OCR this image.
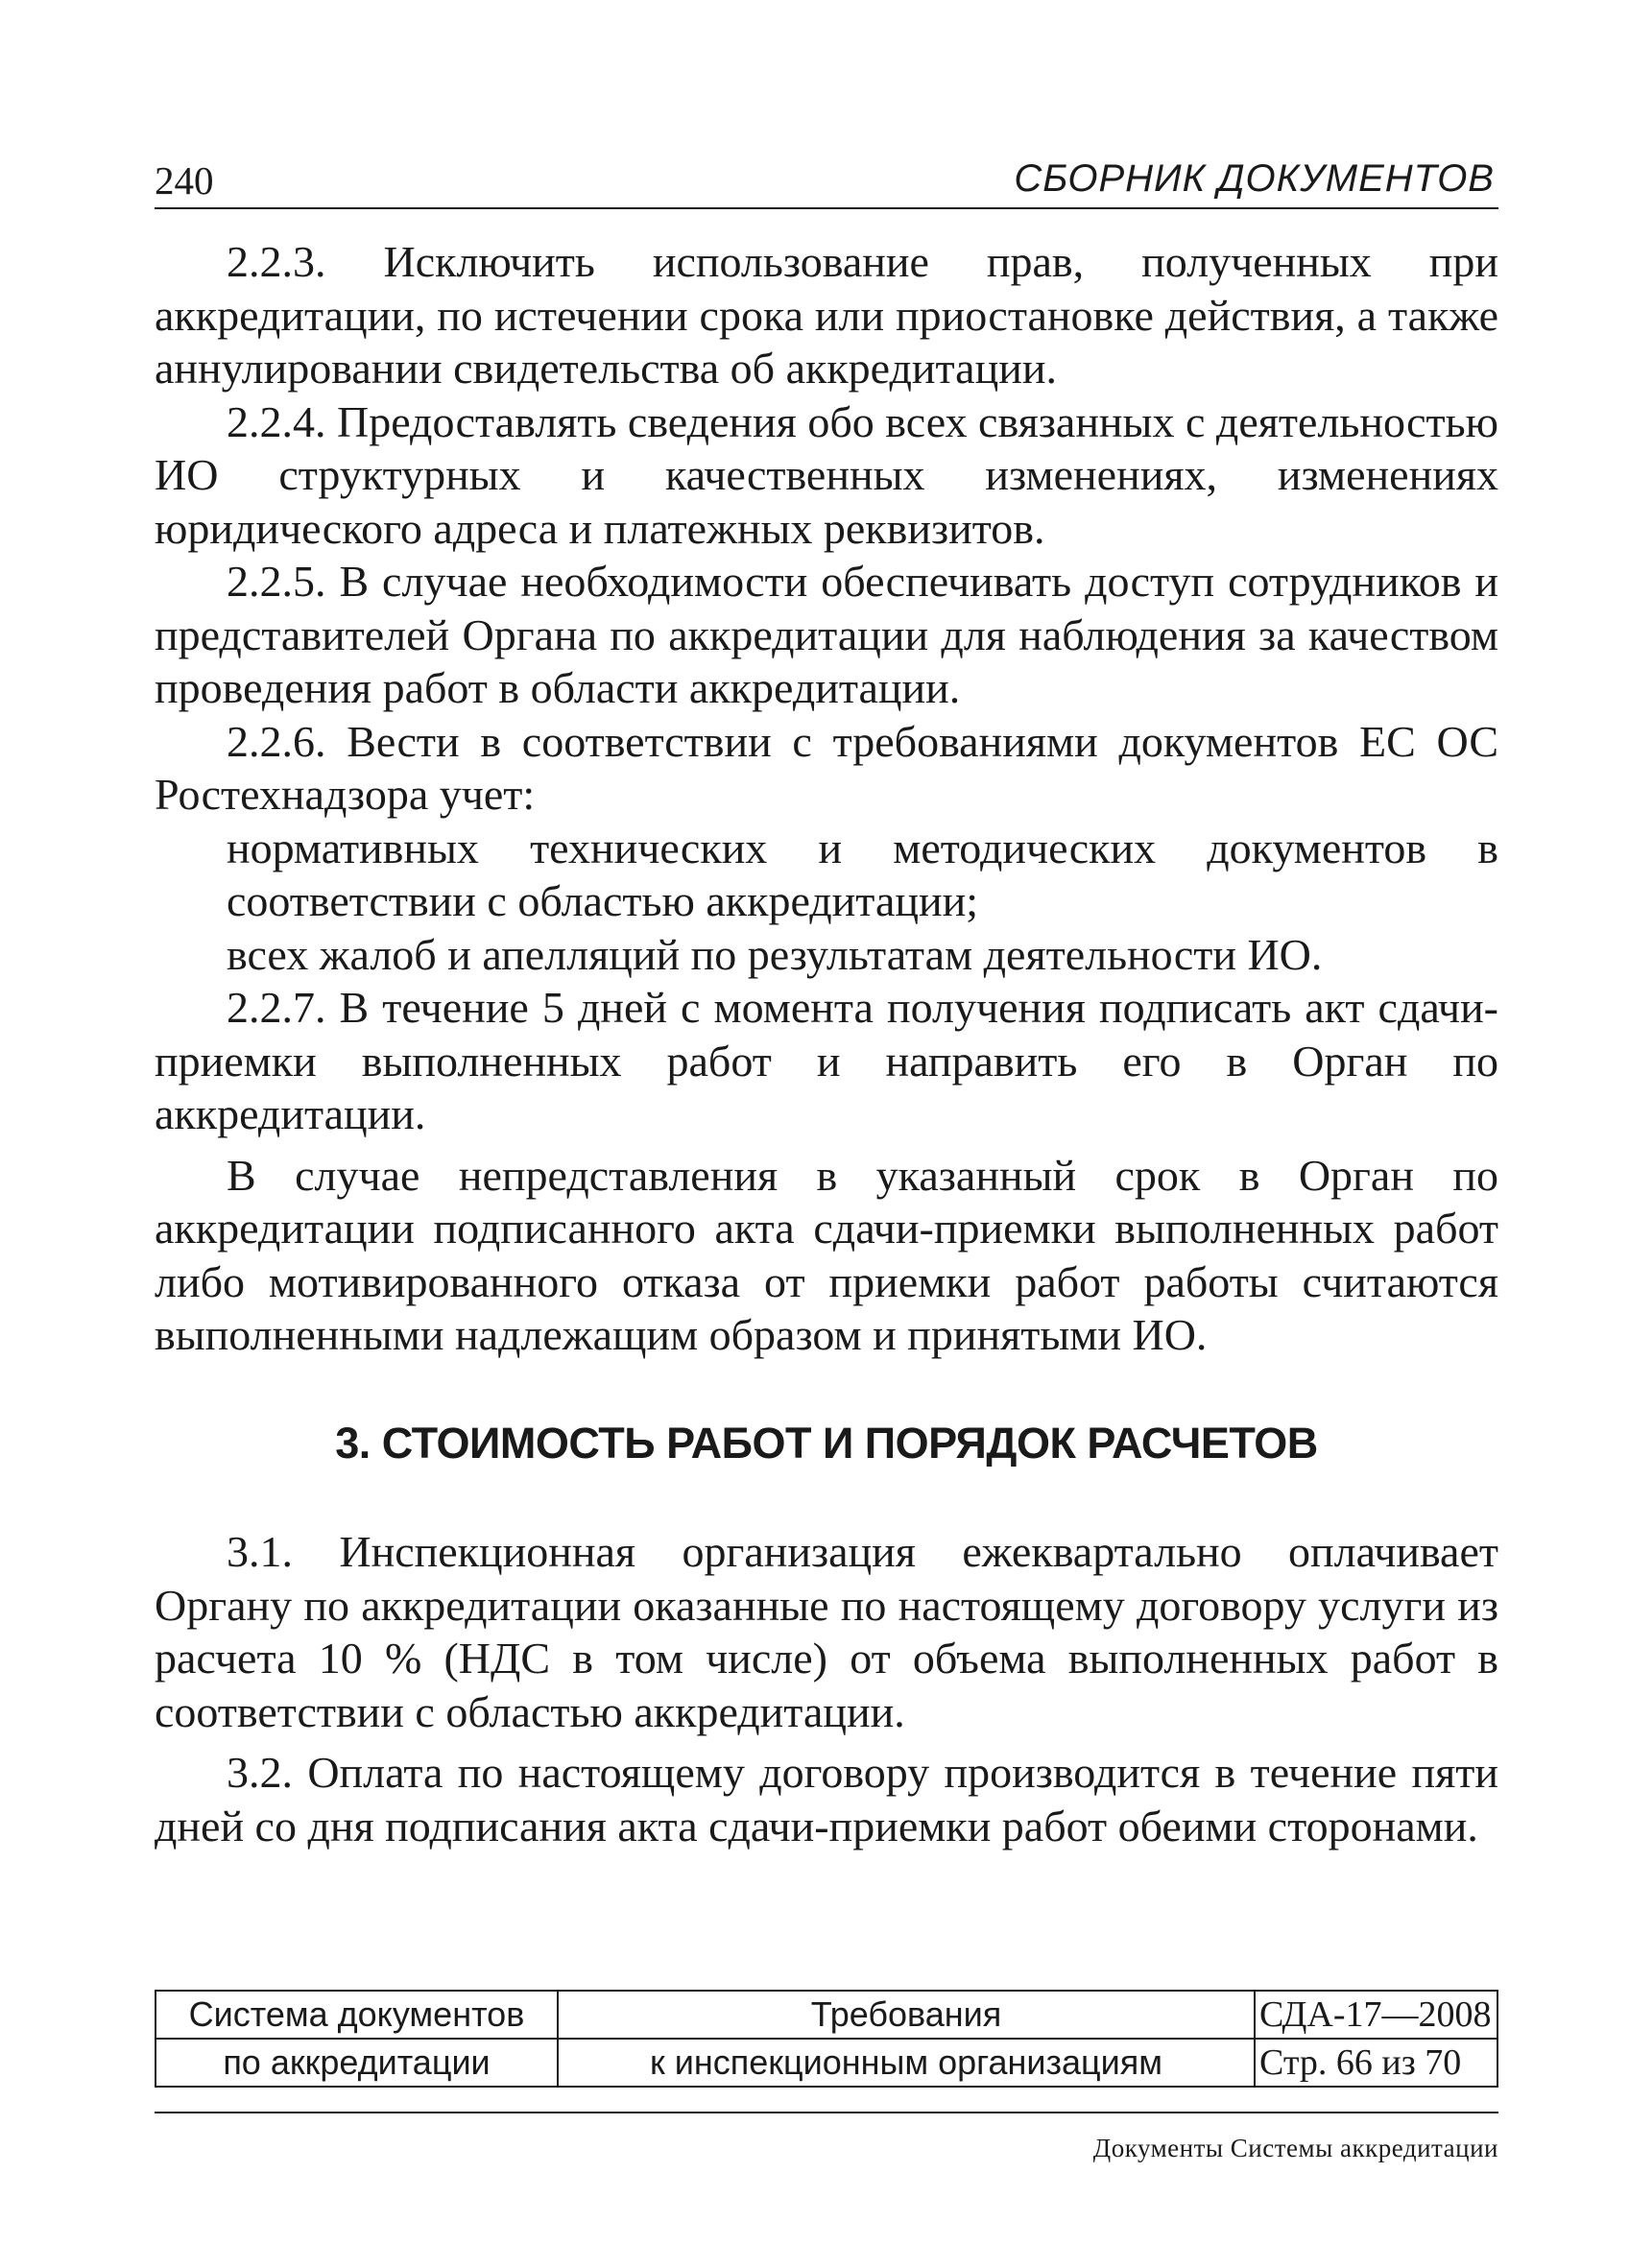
240	СБОРНИК ДОКУМЕНТОВ

2.2.3. Исключить использование прав, полученных при аккредитации, по истечении срока или приостановке действия, а также аннулировании свидетельства об аккредитации.

2.2.4. Предоставлять сведения обо всех связанных с деятельностью ИО структурных и качественных изменениях, изменениях юридического адреса и платежных реквизитов.

2.2.5. В случае необходимости обеспечивать доступ сотрудников и представителей Органа по аккредитации для наблюдения за качеством проведения работ в области аккредитации.

2.2.6. Вести в соответствии с требованиями документов ЕС ОС Ростехнадзора учет:

нормативных технических и методических документов в соответствии с областью аккредитации;

всех жалоб и апелляций по результатам деятельности ИО.

2.2.7. В течение 5 дней с момента получения подписать акт сдачи-приемки выполненных работ и направить его в Орган по аккредитации.

В случае непредставления в указанный срок в Орган по аккредитации подписанного акта сдачи-приемки выполненных работ либо мотивированного отказа от приемки работ работы считаются выполненными надлежащим образом и принятыми ИО.

3. СТОИМОСТЬ РАБОТ И ПОРЯДОК РАСЧЕТОВ

3.1. Инспекционная организация ежеквартально оплачивает Органу по аккредитации оказанные по настоящему договору услуги из расчета 10 % (НДС в том числе) от объема выполненных работ в соответствии с областью аккредитации.

3.2. Оплата по настоящему договору производится в течение пяти дней со дня подписания акта сдачи-приемки работ обеими сторонами.

Система документов	Требования	СДА-17—2008
по аккредитации	к инспекционным организациям	Стр. 66 из 70
Документы Системы аккредитации
